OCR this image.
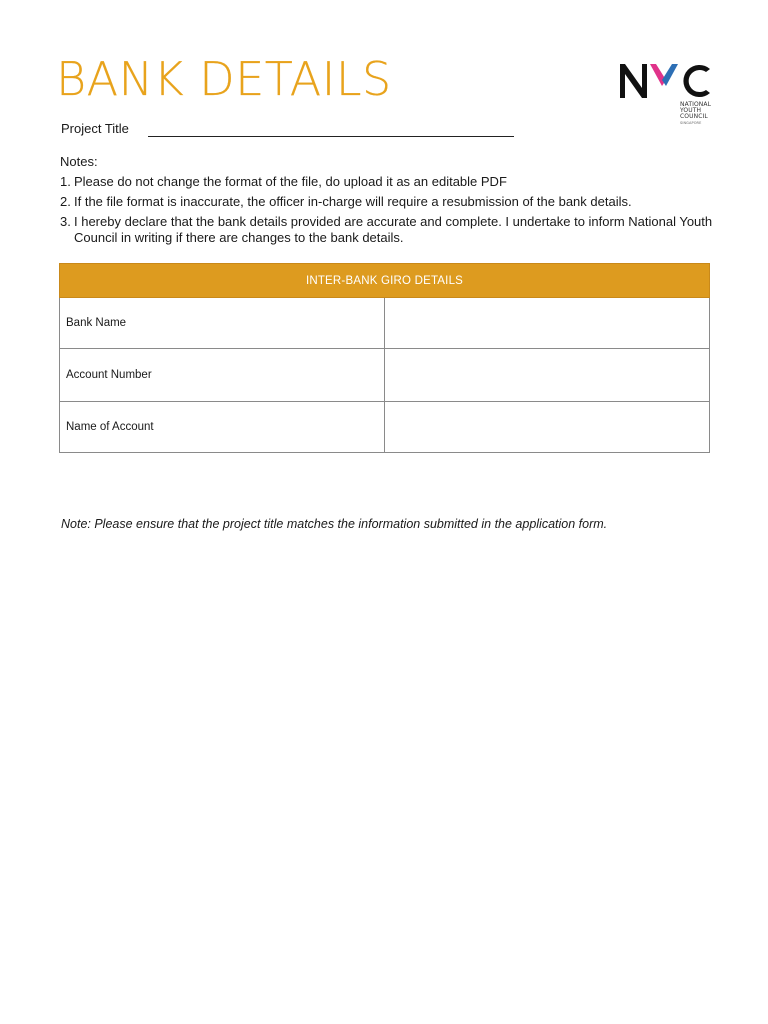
BANK DETAILS	NATIONAL
YOUTH
COUNCIL
SINGAPORE
Project Title
Notes:
1. Please do not change the format of the file, do upload it as an editable PDF
2. If the file format is inaccurate, the officer in-charge will require a resubmission of the bank details.
3. I hereby declare that the bank details provided are accurate and complete. I undertake to inform National Youth Council in writing if there are changes to the bank details.
INTER-BANK GIRO DETAILS	
Bank Name	
Account Number	
Name of Account	
Note: Please ensure that the project title matches the information submitted in the application form.
